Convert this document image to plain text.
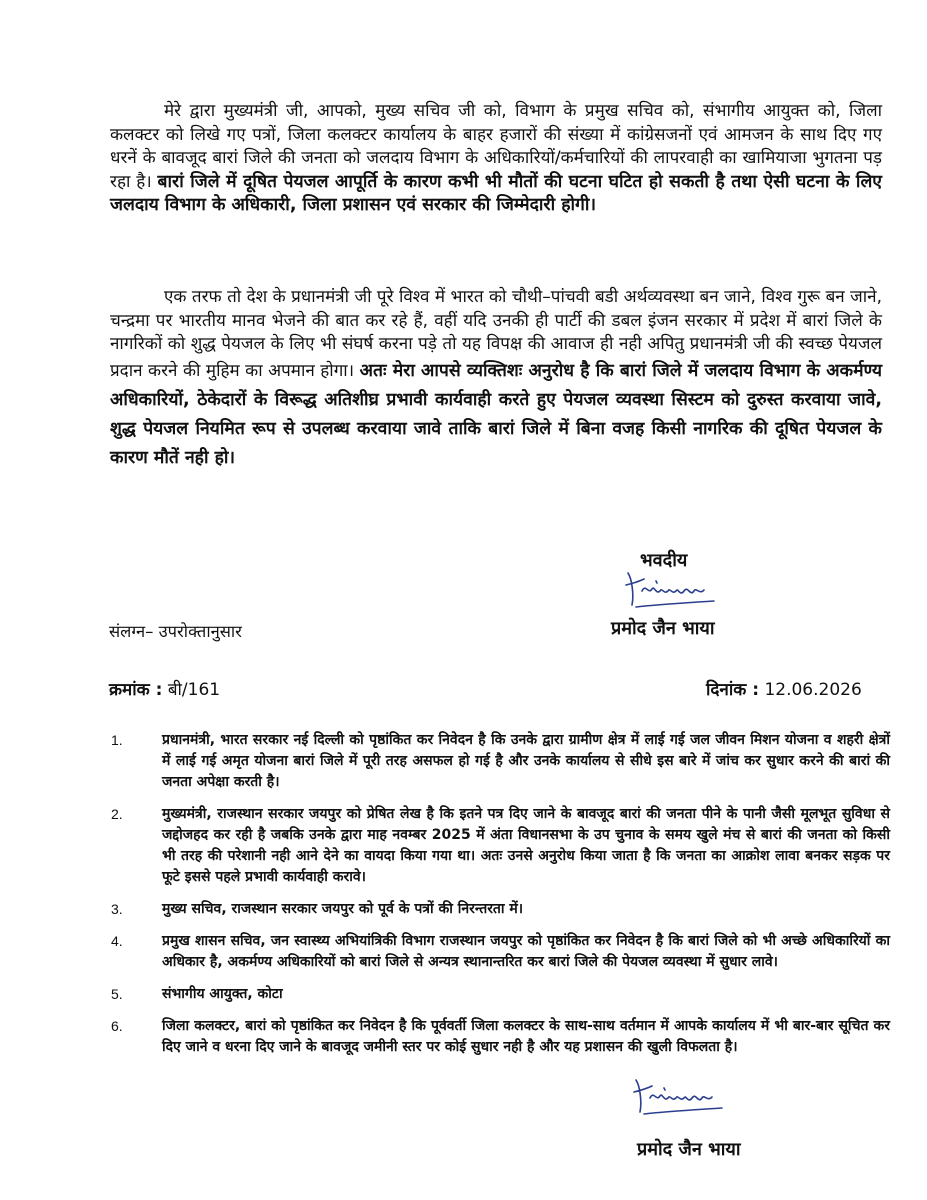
मेरे द्वारा मुख्यमंत्री जी, आपको, मुख्य सचिव जी को, विभाग के प्रमुख सचिव को, संभागीय आयुक्त को, जिला कलक्टर को लिखे गए पत्रों, जिला कलक्टर कार्यालय के बाहर हजारों की संख्या में कांग्रेसजनों एवं आमजन के साथ दिए गए धरनें के बावजूद बारां जिले की जनता को जलदाय विभाग के अधिकारियों/कर्मचारियों की लापरवाही का खामियाजा भुगतना पड़ रहा है। बारां जिले में दूषित पेयजल आपूर्ति के कारण कभी भी मौतों की घटना घटित हो सकती है तथा ऐसी घटना के लिए जलदाय विभाग के अधिकारी, जिला प्रशासन एवं सरकार की जिम्मेदारी होगी।

एक तरफ तो देश के प्रधानमंत्री जी पूरे विश्व में भारत को चौथी–पांचवी बडी अर्थव्यवस्था बन जाने, विश्व गुरू बन जाने, चन्द्रमा पर भारतीय मानव भेजने की बात कर रहे हैं, वहीं यदि उनकी ही पार्टी की डबल इंजन सरकार में प्रदेश में बारां जिले के नागरिकों को शुद्ध पेयजल के लिए भी संघर्ष करना पड़े तो यह विपक्ष की आवाज ही नही अपितु प्रधानमंत्री जी की स्वच्छ पेयजल प्रदान करने की मुहिम का अपमान होगा। अतः मेरा आपसे व्यक्तिशः अनुरोध है कि बारां जिले में जलदाय विभाग के अकर्मण्य अधिकारियों, ठेकेदारों के विरूद्ध अतिशीघ्र प्रभावी कार्यवाही करते हुए पेयजल व्यवस्था सिस्टम को दुरुस्त करवाया जावे, शुद्ध पेयजल नियमित रूप से उपलब्ध करवाया जावे ताकि बारां जिले में बिना वजह किसी नागरिक की दूषित पेयजल के कारण मौतें नही हो।

भवदीय
प्रमोद जैन भाया
संलग्न– उपरोक्तानुसार
क्रमांक : बी/161	दिनांक : 12.06.2026
1.	प्रधानमंत्री, भारत सरकार नई दिल्ली को पृष्ठांकित कर निवेदन है कि उनके द्वारा ग्रामीण क्षेत्र में लाई गई जल जीवन मिशन योजना व शहरी क्षेत्रों में लाई गई अमृत योजना बारां जिले में पूरी तरह असफल हो गई है और उनके कार्यालय से सीधे इस बारे में जांच कर सुधार करने की बारां की जनता अपेक्षा करती है।
2.	मुख्यमंत्री, राजस्थान सरकार जयपुर को प्रेषित लेख है कि इतने पत्र दिए जाने के बावजूद बारां की जनता पीने के पानी जैसी मूलभूत सुविधा से जद्दोजहद कर रही है जबकि उनके द्वारा माह नवम्बर 2025 में अंता विधानसभा के उप चुनाव के समय खुले मंच से बारां की जनता को किसी भी तरह की परेशानी नही आने देने का वायदा किया गया था। अतः उनसे अनुरोध किया जाता है कि जनता का आक्रोश लावा बनकर सड़क पर फूटे इससे पहले प्रभावी कार्यवाही करावे।
3.	मुख्य सचिव, राजस्थान सरकार जयपुर को पूर्व के पत्रों की निरन्तरता में।
4.	प्रमुख शासन सचिव, जन स्वास्थ्य अभियांत्रिकी विभाग राजस्थान जयपुर को पृष्ठांकित कर निवेदन है कि बारां जिले को भी अच्छे अधिकारियों का अधिकार है, अकर्मण्य अधिकारियों को बारां जिले से अन्यत्र स्थानान्तरित कर बारां जिले की पेयजल व्यवस्था में सुधार लावे।
5.	संभागीय आयुक्त, कोटा
6.	जिला कलक्टर, बारां को पृष्ठांकित कर निवेदन है कि पूर्ववर्ती जिला कलक्टर के साथ-साथ वर्तमान में आपके कार्यालय में भी बार-बार सूचित कर दिए जाने व धरना दिए जाने के बावजूद जमीनी स्तर पर कोई सुधार नही है और यह प्रशासन की खुली विफलता है।
प्रमोद जैन भाया
